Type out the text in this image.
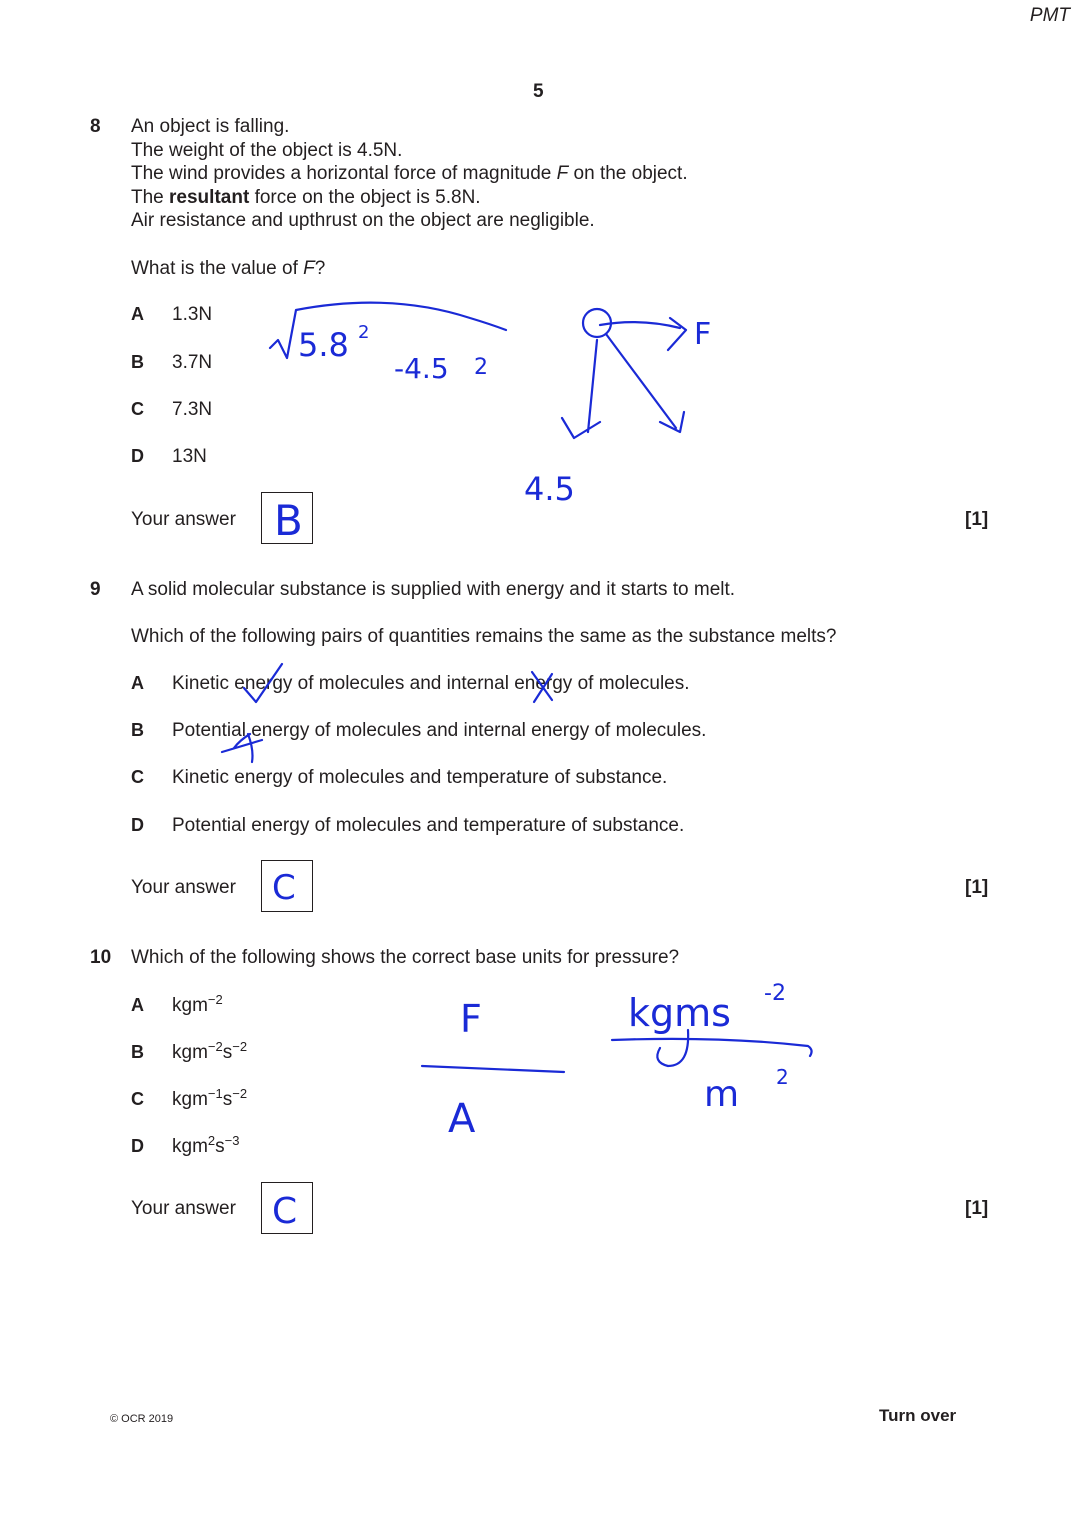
PMT
5
8 An object is falling.
The weight of the object is 4.5N.
The wind provides a horizontal force of magnitude F on the object.
The resultant force on the object is 5.8N.
Air resistance and upthrust on the object are negligible.
What is the value of F?
A 1.3N
B 3.7N
C 7.3N
D 13N
Your answer B	[1]
9 A solid molecular substance is supplied with energy and it starts to melt.
Which of the following pairs of quantities remains the same as the substance melts?
A Kinetic energy of molecules and internal energy of molecules.
B Potential energy of molecules and internal energy of molecules.
C Kinetic energy of molecules and temperature of substance.
D Potential energy of molecules and temperature of substance.
Your answer C	[1]
10 Which of the following shows the correct base units for pressure?
A kgm$^{-2}$
B $kgm^{-2}s^{-2}$
C $kgm^{-1}s^{-2}$
D $kgm^2s^{-3}$
Your answer C	[1]
© OCR 2019	Turn over
5.8 2
-4.5 2
F
4.5
F
A
kgms -2
m 2
